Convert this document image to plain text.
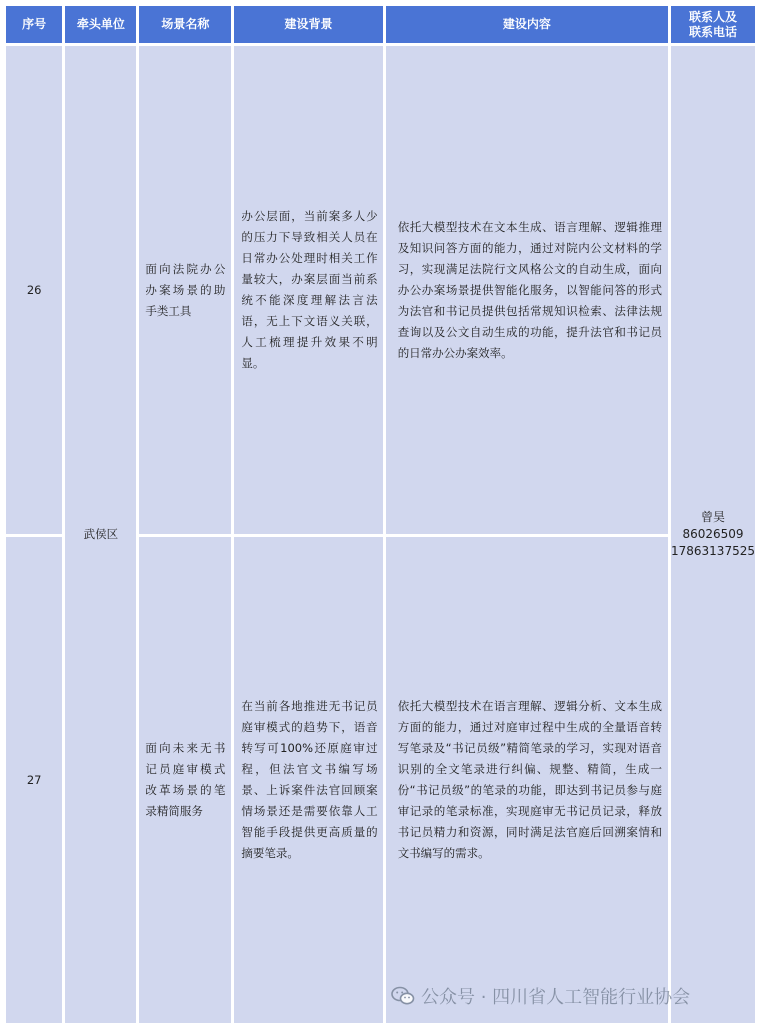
序号	牵头单位	场景名称	建设背景	建设内容	联系人及
联系电话
26	武侯区	面向法院办公办案场景的助手类工具	办公层面，当前案多人少的压力下导致相关人员在日常办公处理时相关工作量较大，办案层面当前系统不能深度理解法言法语，无上下文语义关联，人工梳理提升效果不明显。	依托大模型技术在文本生成、语言理解、逻辑推理及知识问答方面的能力，通过对院内公文材料的学习，实现满足法院行文风格公文的自动生成，面向办公办案场景提供智能化服务，以智能问答的形式为法官和书记员提供包括常规知识检索、法律法规查询以及公文自动生成的功能，提升法官和书记员的日常办公办案效率。	曾昊
86026509
17863137525

27		面向未来无书记员庭审模式改革场景的笔录精简服务	在当前各地推进无书记员庭审模式的趋势下，语音转写可100%还原庭审过程，但法官文书编写场景、上诉案件法官回顾案情场景还是需要依靠人工智能手段提供更高质量的摘要笔录。	依托大模型技术在语言理解、逻辑分析、文本生成方面的能力，通过对庭审过程中生成的全量语音转写笔录及“书记员级”精简笔录的学习，实现对语音识别的全文笔录进行纠偏、规整、精简，生成一份“书记员级”的笔录的功能，即达到书记员参与庭审记录的笔录标准，实现庭审无书记员记录，释放书记员精力和资源，同时满足法官庭后回溯案情和文书编写的需求。	
公众号 · 四川省人工智能行业协会
